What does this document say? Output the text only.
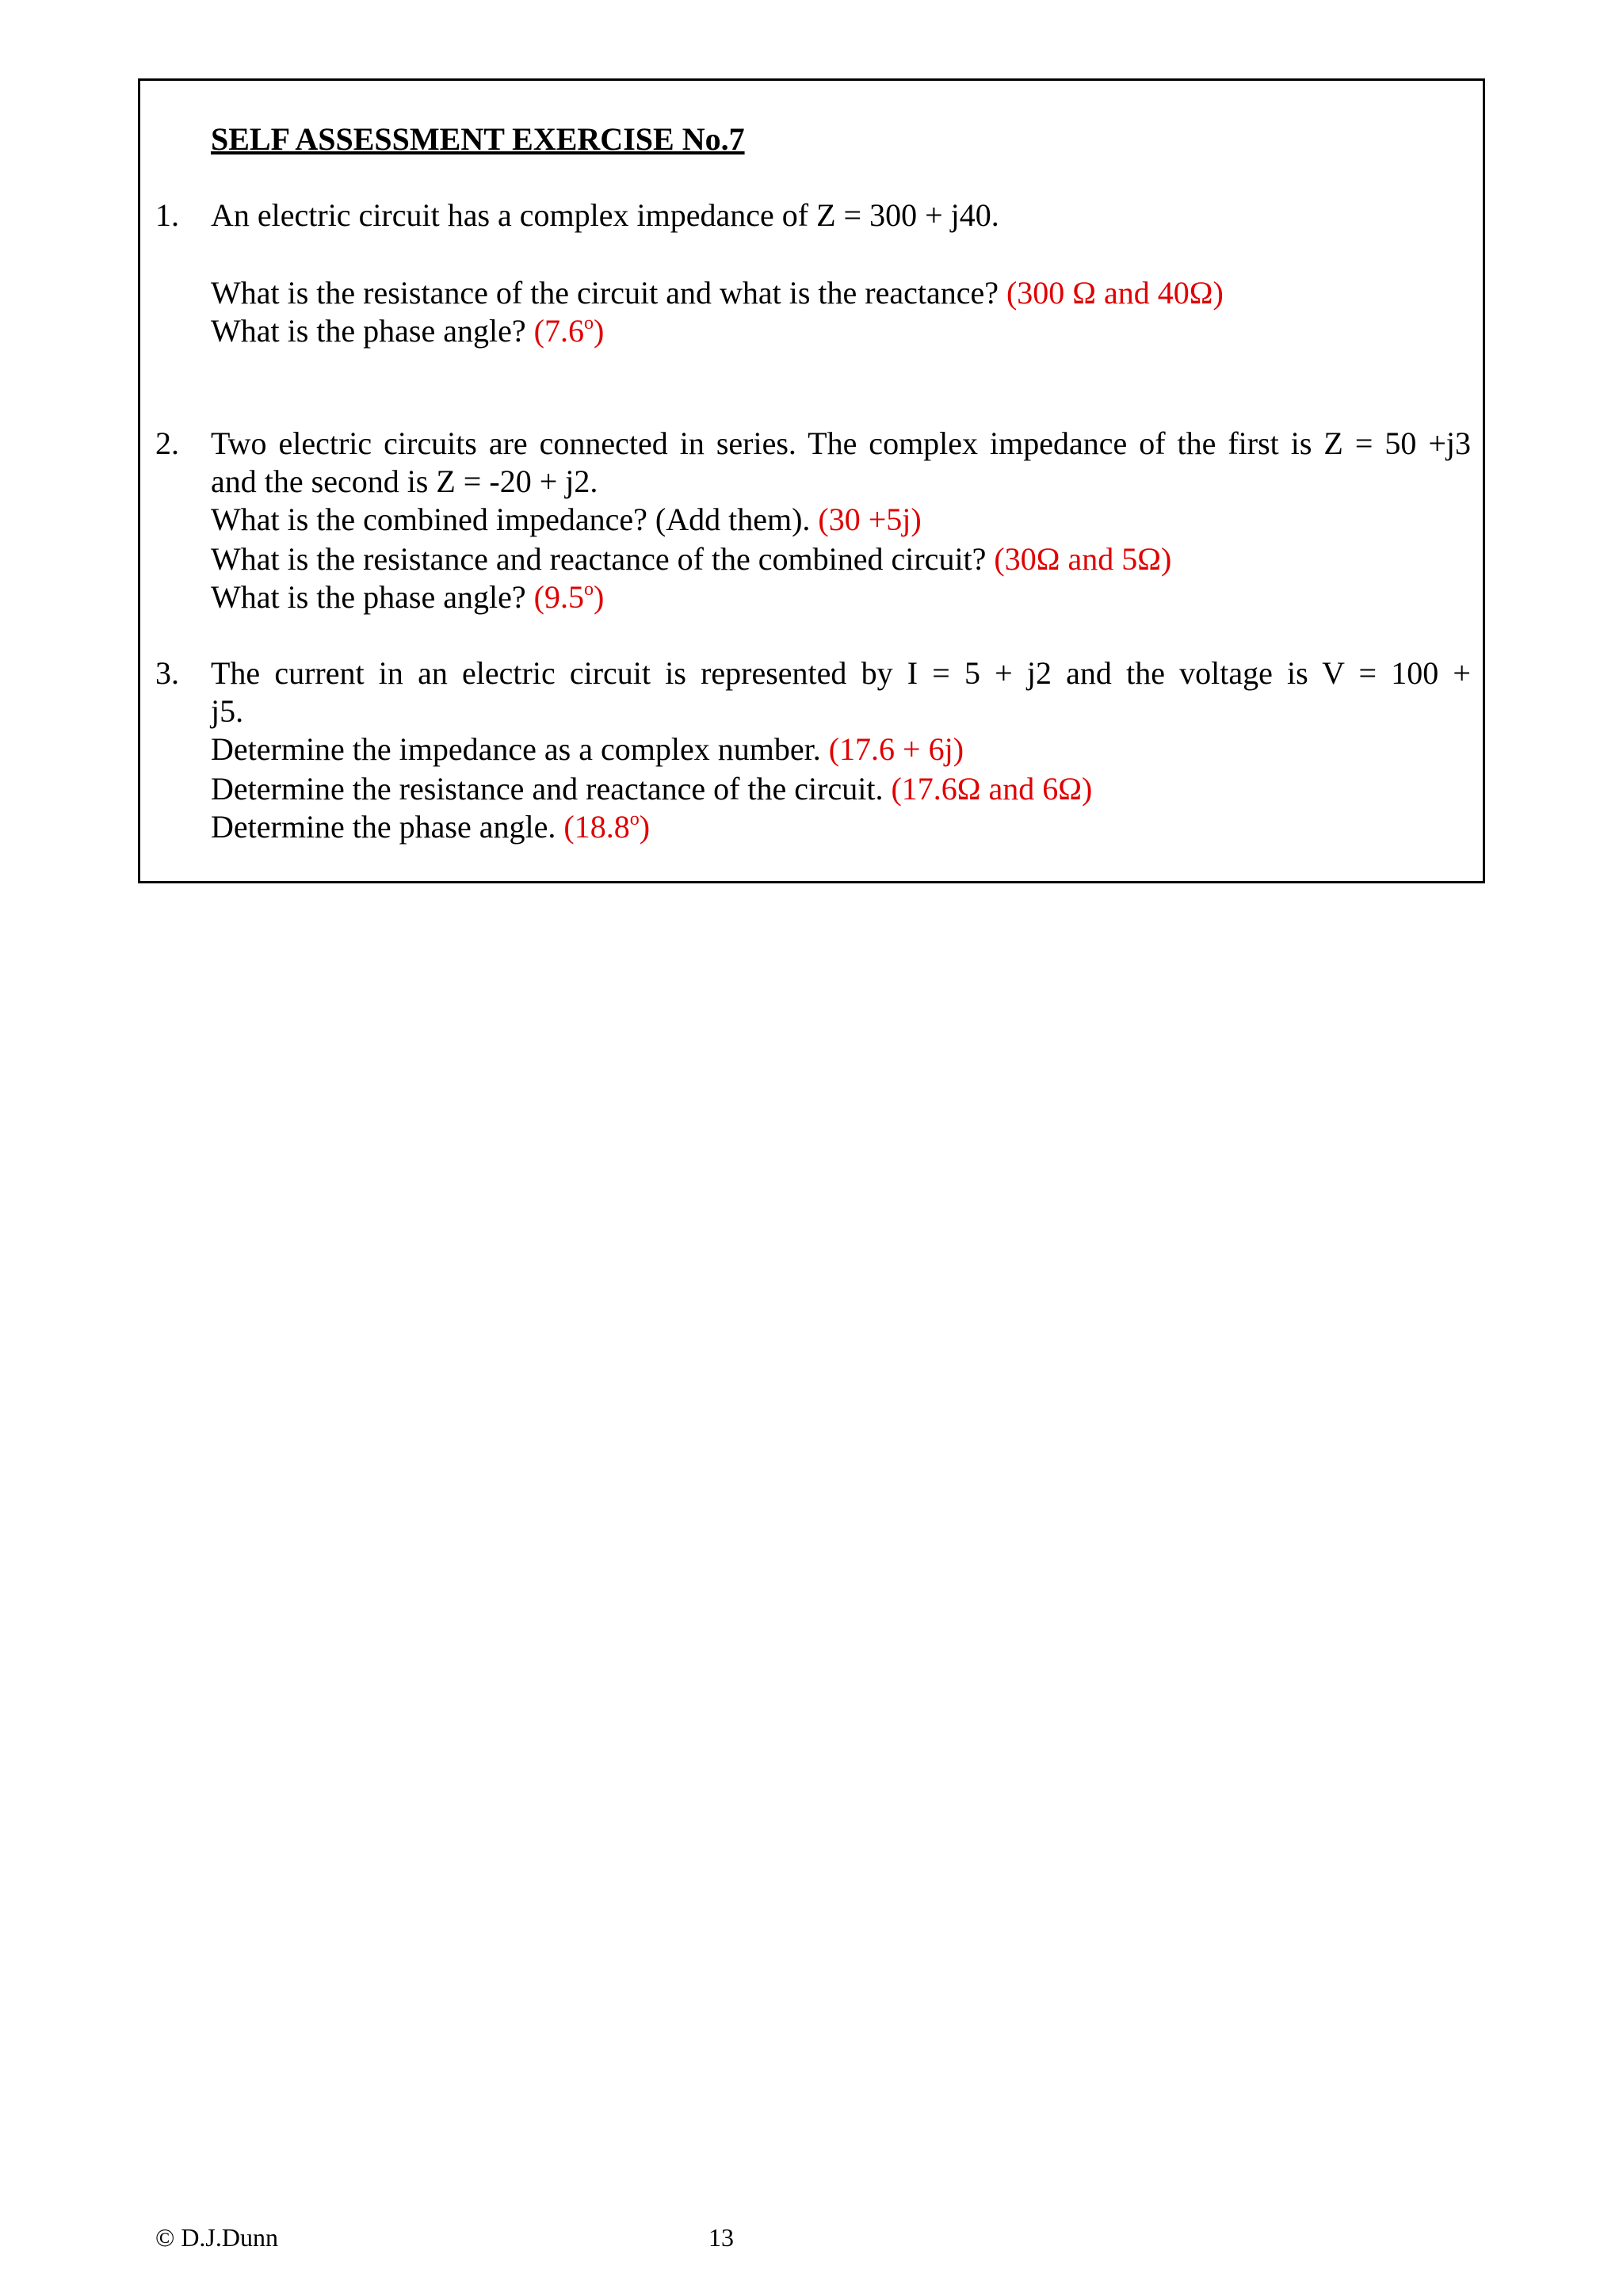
SELF ASSESSMENT EXERCISE No.7
1. An electric circuit has a complex impedance of Z = 300 + j40.
What is the resistance of the circuit and what is the reactance? (300 Ω and 40Ω)
What is the phase angle? (7.6$^o$)
2. Two electric circuits are connected in series. The complex impedance of the first is Z = 50 +j3
and the second is Z = -20 + j2.
What is the combined impedance? (Add them). (30 +5j)
What is the resistance and reactance of the combined circuit? (30Ω and 5Ω)
What is the phase angle? (9.5$^o$)
3. The current in an electric circuit is represented by I = 5 + j2 and the voltage is V = 100 +
j5.
Determine the impedance as a complex number. (17.6 + 6j)
Determine the resistance and reactance of the circuit. (17.6Ω and 6Ω)
Determine the phase angle. (18.8$^o$)
© D.J.Dunn	13
